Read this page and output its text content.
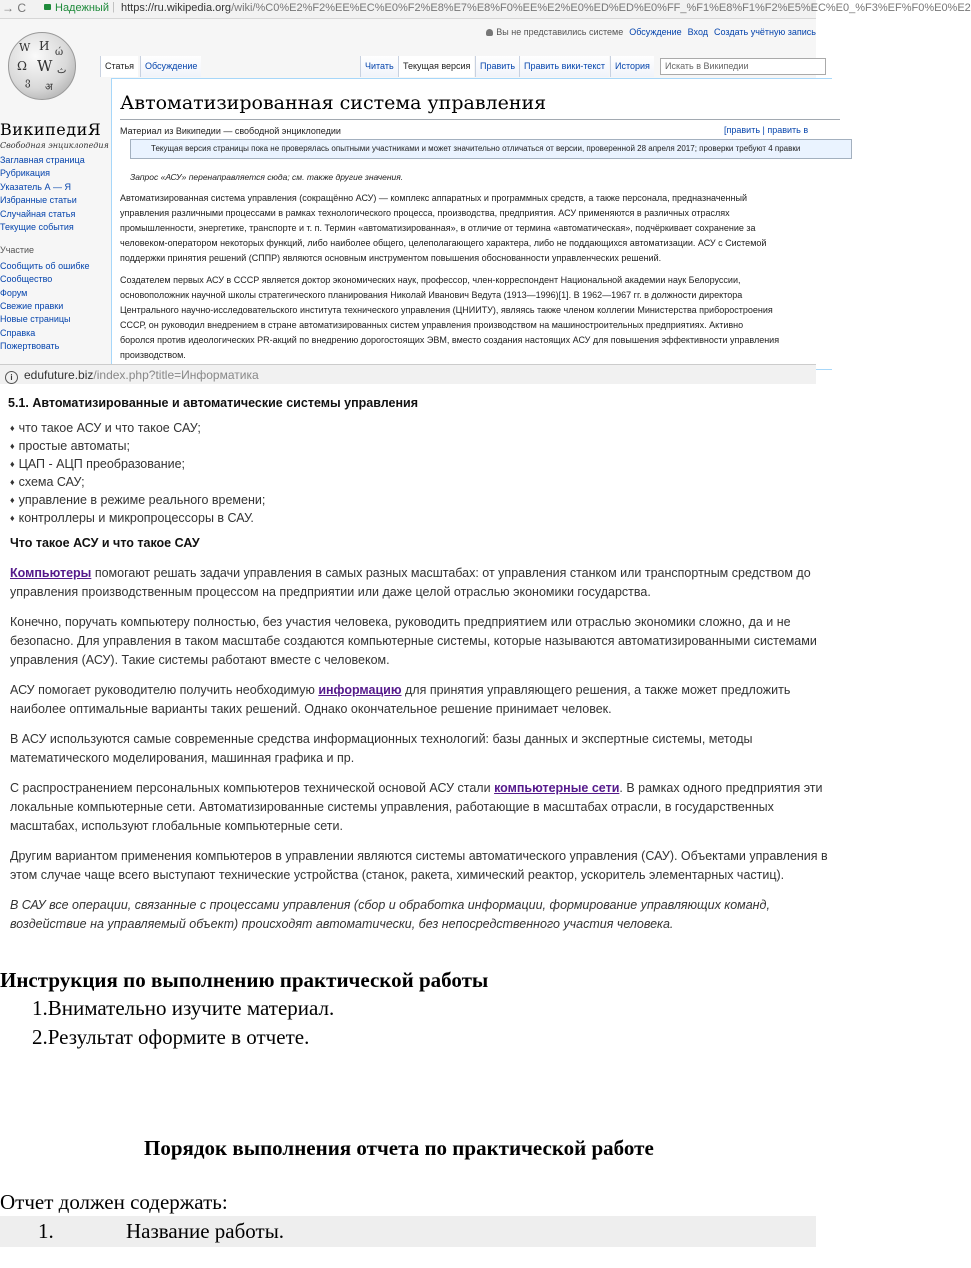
→ C	Надежный | https://ru.wikipedia.org/wiki/%C0%E2%F2%EE%EC%E0%F2%E8%E7%E8%F0%EE%E2%E0%ED%ED%E0%FF_%F1%E8%F1%F2%E5%EC%E0_%F3%EF%F0%E0%E2
W И ώ
Ω W ث
ვ अ
ВикипедиЯ
Свободная энциклопедия
Заглавная страница
Рубрикация
Указатель А — Я
Избранные статьи
Случайная статья
Текущие события
Участие
Сообщить об ошибке
Сообщество
Форум
Свежие правки
Новые страницы
Справка
Пожертвовать
Вы не представились системе Обсуждение Вход Создать учётную запись
Статья	Обсуждение	Читать	Текущая версия	Править Править вики-текст	История	Искать в Википедии
Автоматизированная система управления
Материал из Википедии — свободной энциклопедии	[править | править в
Текущая версия страницы пока не проверялась опытными участниками и может значительно отличаться от версии, проверенной 28 апреля 2017; проверки требуют 4 правки
Запрос «АСУ» перенаправляется сюда; см. также другие значения.
Автоматизированная система управления (сокращённо АСУ) — комплекс аппаратных и программных средств, а также персонала, предназначенный
управления различными процессами в рамках технологического процесса, производства, предприятия. АСУ применяются в различных отраслях
промышленности, энергетике, транспорте и т. п. Термин «автоматизированная», в отличие от термина «автоматическая», подчёркивает сохранение за
человеком-оператором некоторых функций, либо наиболее общего, целеполагающего характера, либо не поддающихся автоматизации. АСУ с Системой
поддержки принятия решений (СППР) являются основным инструментом повышения обоснованности управленческих решений.
Создателем первых АСУ в СССР является доктор экономических наук, профессор, член-корреспондент Национальной академии наук Белоруссии,
основоположник научной школы стратегического планирования Николай Иванович Ведута (1913—1996)[1]. В 1962—1967 гг. в должности директора
Центрального научно-исследовательского института технического управления (ЦНИИТУ), являясь также членом коллегии Министерства приборостроения
СССР, он руководил внедрением в стране автоматизированных систем управления производством на машиностроительных предприятиях. Активно
боролся против идеологических PR-акций по внедрению дорогостоящих ЭВМ, вместо создания настоящих АСУ для повышения эффективности управления
производством.
i edufuture.biz/index.php?title=Информатика
5.1. Автоматизированные и автоматические системы управления
♦ что такое АСУ и что такое САУ;
♦ простые автоматы;
♦ ЦАП - АЦП преобразование;
♦ схема САУ;
♦ управление в режиме реального времени;
♦ контроллеры и микропроцессоры в САУ.
Что такое АСУ и что такое САУ
Компьютеры помогают решать задачи управления в самых разных масштабах: от управления станком или транспортным средством до
управления производственным процессом на предприятии или даже целой отраслью экономики государства.
Конечно, поручать компьютеру полностью, без участия человека, руководить предприятием или отраслью экономики сложно, да и не
безопасно. Для управления в таком масштабе создаются компьютерные системы, которые называются автоматизированными системами
управления (АСУ). Такие системы работают вместе с человеком.
АСУ помогает руководителю получить необходимую информацию для принятия управляющего решения, а также может предложить
наиболее оптимальные варианты таких решений. Однако окончательное решение принимает человек.
В АСУ используются самые современные средства информационных технологий: базы данных и экспертные системы, методы
математического моделирования, машинная графика и пр.
С распространением персональных компьютеров технической основой АСУ стали компьютерные сети. В рамках одного предприятия эти
локальные компьютерные сети. Автоматизированные системы управления, работающие в масштабах отрасли, в государственных
масштабах, используют глобальные компьютерные сети.
Другим вариантом применения компьютеров в управлении являются системы автоматического управления (САУ). Объектами управления в
этом случае чаще всего выступают технические устройства (станок, ракета, химический реактор, ускоритель элементарных частиц).
В САУ все операции, связанные с процессами управления (сбор и обработка информации, формирование управляющих команд,
воздействие на управляемый объект) происходят автоматически, без непосредственного участия человека.
Инструкция по выполнению практической работы
1.Внимательно изучите материал.
2.Результат оформите в отчете.
Порядок выполнения отчета по практической работе
Отчет должен содержать:
1.	Название работы.
